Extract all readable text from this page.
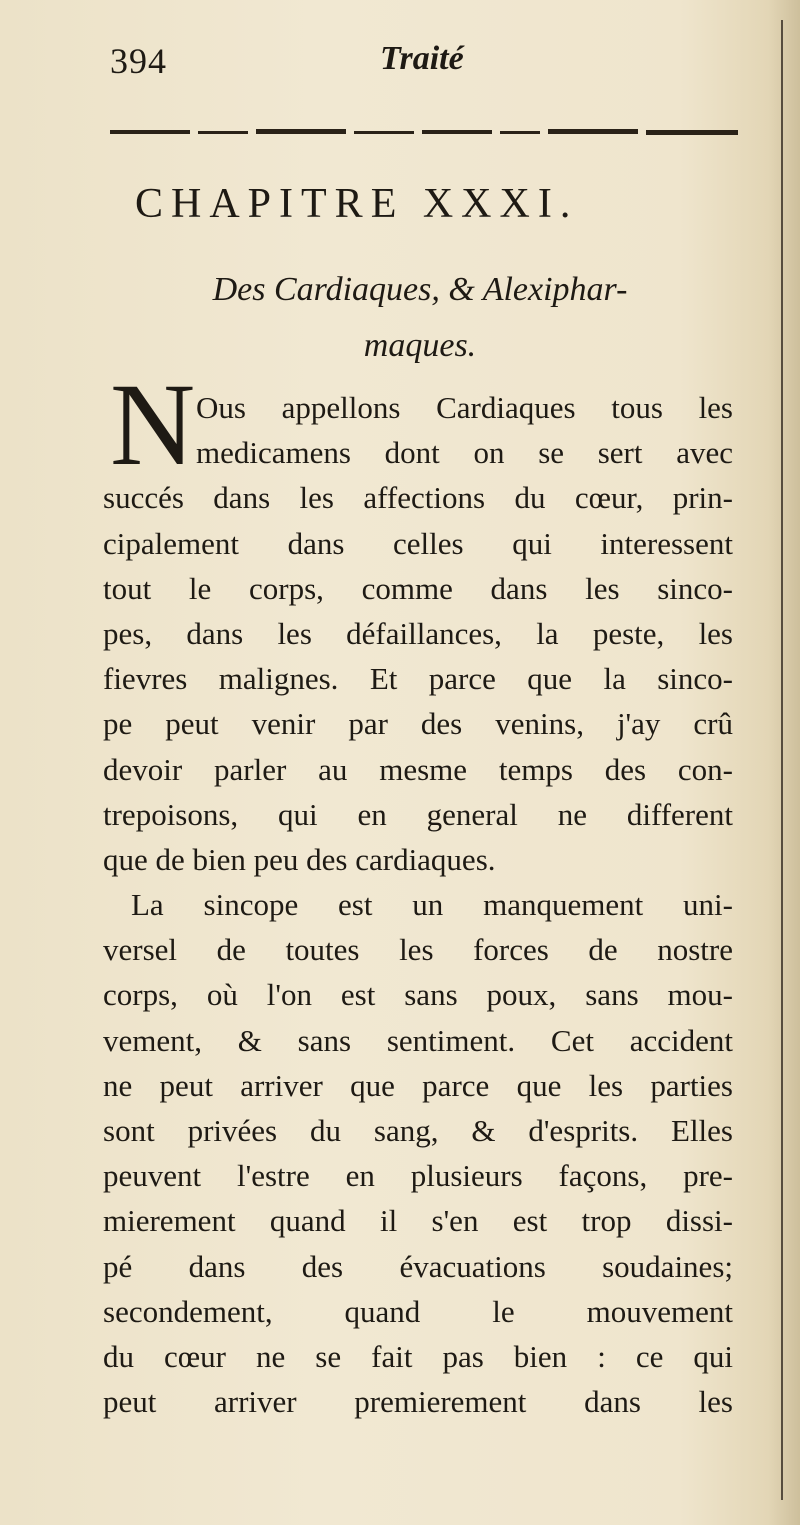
394	Traité
CHAPITRE XXXI.
Des Cardiaques, & Alexiphar-
maques.
N Ous appellons Cardiaques tous les
medicamens dont on se sert avec
succés dans les affections du cœur, prin-
cipalement dans celles qui interessent
tout le corps, comme dans les sinco-
pes, dans les défaillances, la peste, les
fievres malignes. Et parce que la sinco-
pe peut venir par des venins, j'ay crû
devoir parler au mesme temps des con-
trepoisons, qui en general ne different
que de bien peu des cardiaques.
La sincope est un manquement uni-
versel de toutes les forces de nostre
corps, où l'on est sans poux, sans mou-
vement, & sans sentiment. Cet accident
ne peut arriver que parce que les parties
sont privées du sang, & d'esprits. Elles
peuvent l'estre en plusieurs façons, pre-
mierement quand il s'en est trop dissi-
pé dans des évacuations soudaines;
secondement, quand le mouvement
du cœur ne se fait pas bien : ce qui
peut arriver premierement dans les
